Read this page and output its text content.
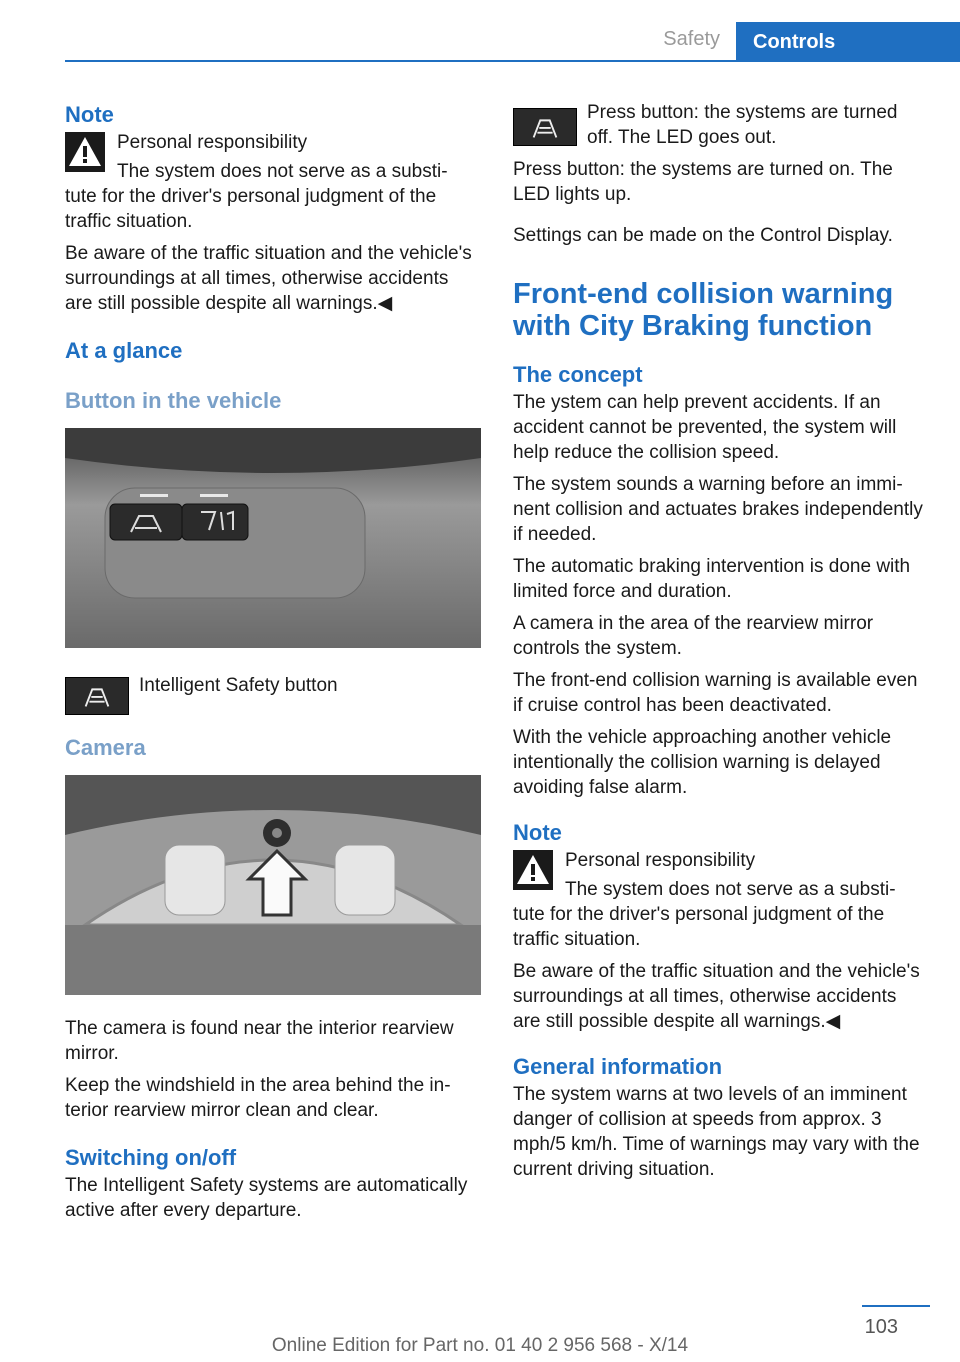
Safety	Controls
Note

Personal responsibility

The system does not serve as a substi-

tute for the driver's personal judgment of the traffic situation.

Be aware of the traffic situation and the vehicle's surroundings at all times, otherwise accidents are still possible despite all warnings.◀

At a glance
Button in the vehicle

Intelligent Safety button

Camera

The camera is found near the interior rearview mirror.

Keep the windshield in the area behind the interior rearview mirror clean and clear.

Switching on/off

The Intelligent Safety systems are automatically active after every departure.

Press button: the systems are turned off. The LED goes out.

Press button: the systems are turned on. The LED lights up.

Settings can be made on the Control Display.

Front-end collision warning with City Braking function
The concept

The ystem can help prevent accidents. If an accident cannot be prevented, the system will help reduce the collision speed.

The system sounds a warning before an imminent collision and actuates brakes independently if needed.

The automatic braking intervention is done with limited force and duration.

A camera in the area of the rearview mirror controls the system.

The front-end collision warning is available even if cruise control has been deactivated.

With the vehicle approaching another vehicle intentionally the collision warning is delayed avoiding false alarm.

Note

Personal responsibility

The system does not serve as a substi-

tute for the driver's personal judgment of the traffic situation.

Be aware of the traffic situation and the vehicle's surroundings at all times, otherwise accidents are still possible despite all warnings.◀

General information

The system warns at two levels of an imminent danger of collision at speeds from approx. 3 mph/5 km/h. Time of warnings may vary with the current driving situation.

103
Online Edition for Part no. 01 40 2 956 568 - X/14
